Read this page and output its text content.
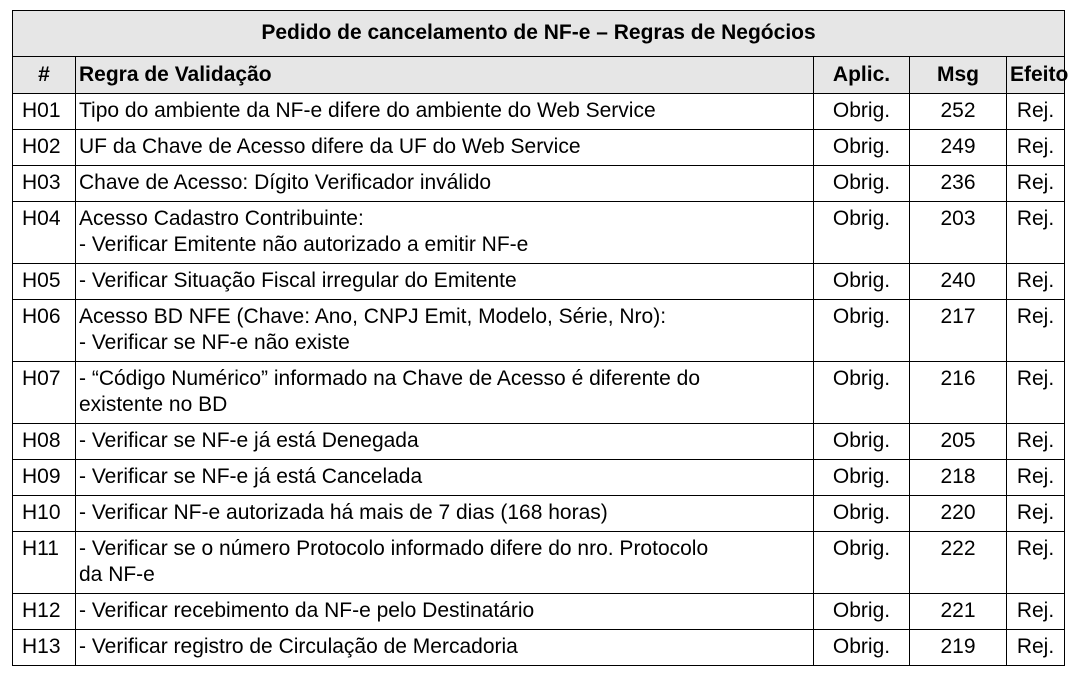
Pedido de cancelamento de NF-e – Regras de Negócios				
#	Regra de Validação	Aplic.	Msg	Efeito
H01	Tipo do ambiente da NF-e difere do ambiente do Web Service	Obrig.	252	Rej.
H02	UF da Chave de Acesso difere da UF do Web Service	Obrig.	249	Rej.
H03	Chave de Acesso: Dígito Verificador inválido	Obrig.	236	Rej.
H04	Acesso Cadastro Contribuinte:
- Verificar Emitente não autorizado a emitir NF-e	Obrig.	203	Rej.
H05	- Verificar Situação Fiscal irregular do Emitente	Obrig.	240	Rej.
H06	Acesso BD NFE (Chave: Ano, CNPJ Emit, Modelo, Série, Nro):
- Verificar se NF-e não existe	Obrig.	217	Rej.
H07	- “Código Numérico” informado na Chave de Acesso é diferente do
existente no BD	Obrig.	216	Rej.
H08	- Verificar se NF-e já está Denegada	Obrig.	205	Rej.
H09	- Verificar se NF-e já está Cancelada	Obrig.	218	Rej.
H10	- Verificar NF-e autorizada há mais de 7 dias (168 horas)	Obrig.	220	Rej.
H11	- Verificar se o número Protocolo informado difere do nro. Protocolo
da NF-e	Obrig.	222	Rej.
H12	- Verificar recebimento da NF-e pelo Destinatário	Obrig.	221	Rej.
H13	- Verificar registro de Circulação de Mercadoria	Obrig.	219	Rej.
